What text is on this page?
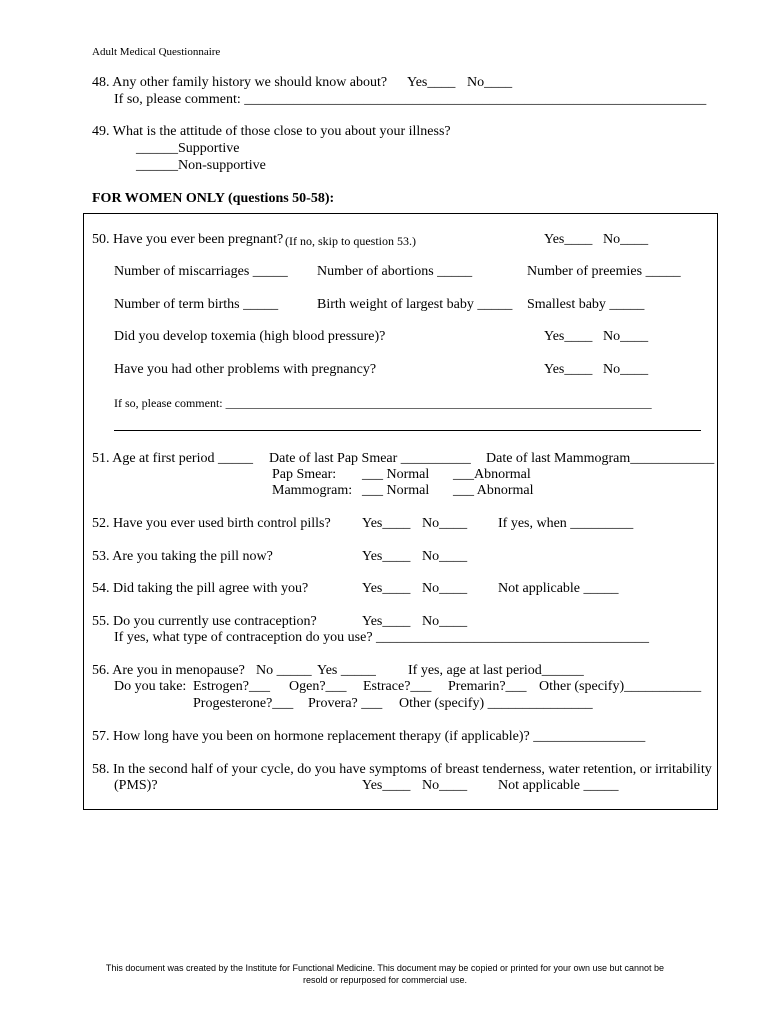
Adult Medical Questionnaire
48. Any other family history we should know about? Yes____ No____
If so, please comment: __________________________________________________________________
49. What is the attitude of those close to you about your illness?
______Supportive
______Non-supportive
FOR WOMEN ONLY (questions 50-58):
50. Have you ever been pregnant? (If no, skip to question 53.)	Yes____ No____
Number of miscarriages _____ Number of abortions _____	Number of preemies _____
Number of term births _____	Birth weight of largest baby _____ Smallest baby _____
Did you develop toxemia (high blood pressure)?	Yes____ No____
Have you had other problems with pregnancy?	Yes____ No____
If so, please comment: _______________________________________________________________________
51. Age at first period _____ Date of last Pap Smear __________ Date of last Mammogram____________
Pap Smear: ___ Normal ___Abnormal
Mammogram: ___ Normal ___ Abnormal
52. Have you ever used birth control pills? Yes____ No____ If yes, when _________
53. Are you taking the pill now?	Yes____ No____
54. Did taking the pill agree with you?	Yes____ No____ Not applicable _____
55. Do you currently use contraception?	Yes____ No____
If yes, what type of contraception do you use? _______________________________________
56. Are you in menopause? No _____ Yes _____ If yes, age at last period______
Do you take: Estrogen?___ Ogen?___ Estrace?___ Premarin?___ Other (specify)___________
Progesterone?___ Provera? ___ Other (specify) _______________
57. How long have you been on hormone replacement therapy (if applicable)? ________________
58. In the second half of your cycle, do you have symptoms of breast tenderness, water retention, or irritability
(PMS)?	Yes____ No____ Not applicable _____
This document was created by the Institute for Functional Medicine. This document may be copied or printed for your own use but cannot be
resold or repurposed for commercial use.
